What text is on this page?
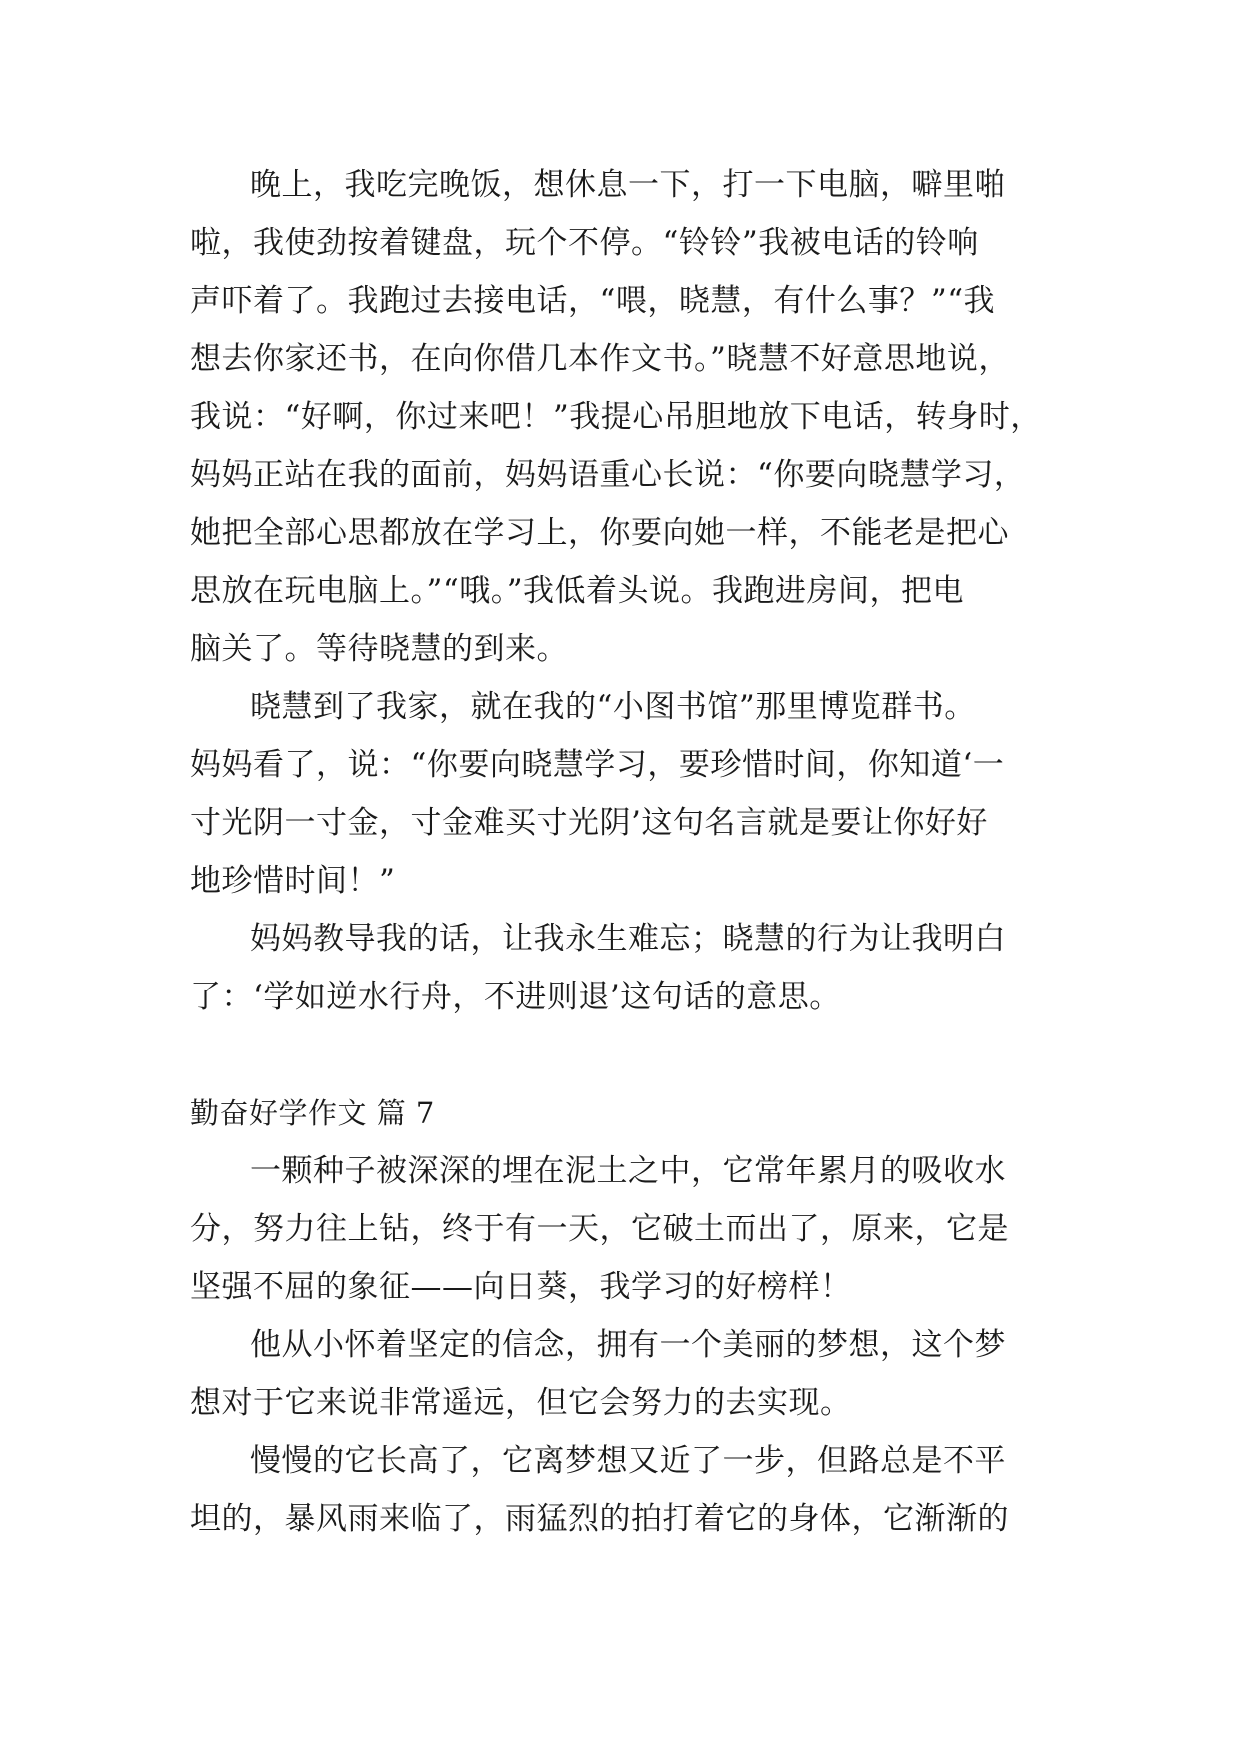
晚上，我吃完晚饭，想休息一下，打一下电脑，噼里啪
啦，我使劲按着键盘，玩个不停。“铃铃”我被电话的铃响
声吓着了。我跑过去接电话，“喂，晓慧，有什么事？”“我
想去你家还书，在向你借几本作文书。”晓慧不好意思地说，
我说：“好啊，你过来吧！”我提心吊胆地放下电话，转身时，
妈妈正站在我的面前，妈妈语重心长说：“你要向晓慧学习，
她把全部心思都放在学习上，你要向她一样，不能老是把心
思放在玩电脑上。”“哦。”我低着头说。我跑进房间，把电
脑关了。等待晓慧的到来。
晓慧到了我家，就在我的“小图书馆”那里博览群书。
妈妈看了，说：“你要向晓慧学习，要珍惜时间，你知道‘一
寸光阴一寸金，寸金难买寸光阴’这句名言就是要让你好好
地珍惜时间！”
妈妈教导我的话，让我永生难忘；晓慧的行为让我明白
了：‘学如逆水行舟，不进则退’这句话的意思。
勤奋好学作文 篇 7
一颗种子被深深的埋在泥土之中，它常年累月的吸收水
分，努力往上钻，终于有一天，它破土而出了，原来，它是
坚强不屈的象征——向日葵，我学习的好榜样！
他从小怀着坚定的信念，拥有一个美丽的梦想，这个梦
想对于它来说非常遥远，但它会努力的去实现。
慢慢的它长高了，它离梦想又近了一步，但路总是不平
坦的，暴风雨来临了，雨猛烈的拍打着它的身体，它渐渐的
